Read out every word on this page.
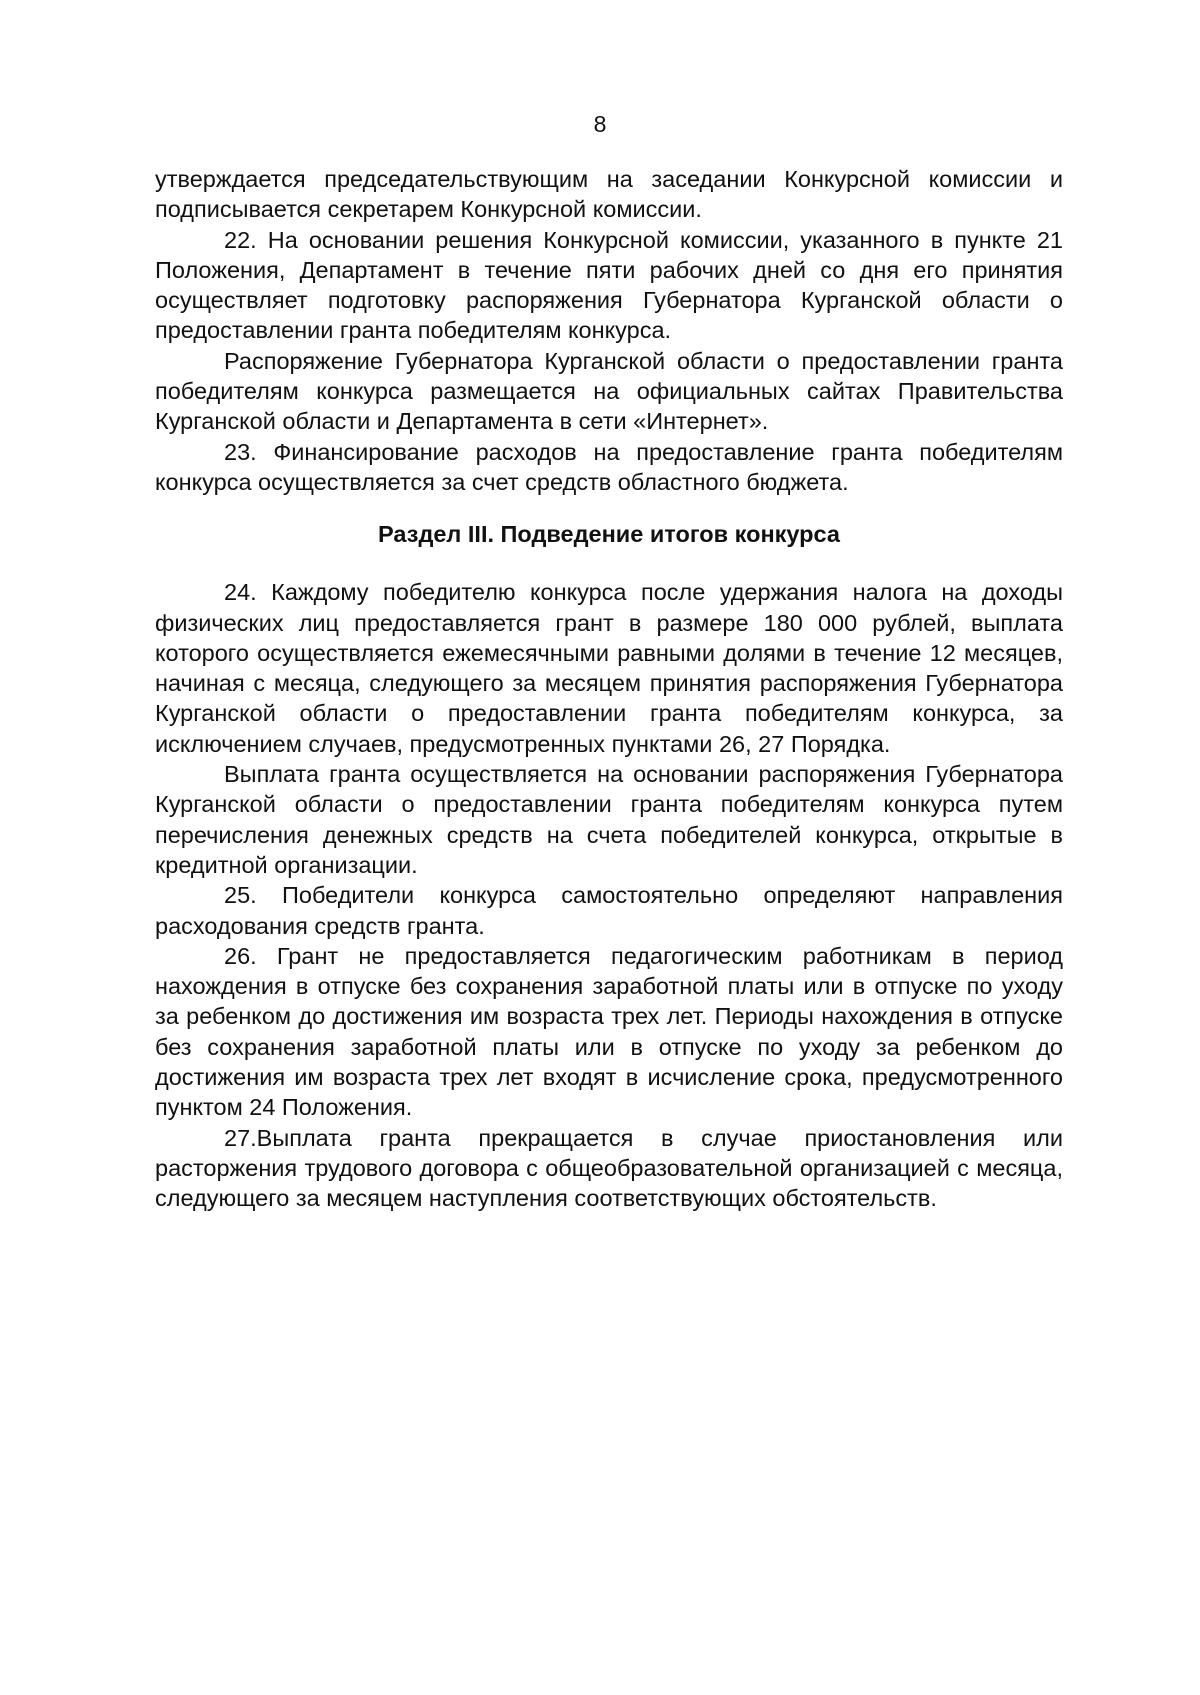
8

утверждается председательствующим на заседании Конкурсной комиссии и подписывается секретарем Конкурсной комиссии.

22. На основании решения Конкурсной комиссии, указанного в пункте 21 Положения, Департамент в течение пяти рабочих дней со дня его принятия осуществляет подготовку распоряжения Губернатора Курганской области о предоставлении гранта победителям конкурса.

Распоряжение Губернатора Курганской области о предоставлении гранта победителям конкурса размещается на официальных сайтах Правительства Курганской области и Департамента в сети «Интернет».

23. Финансирование расходов на предоставление гранта победителям конкурса осуществляется за счет средств областного бюджета.

Раздел III. Подведение итогов конкурса

24. Каждому победителю конкурса после удержания налога на доходы физических лиц предоставляется грант в размере 180 000 рублей, выплата которого осуществляется ежемесячными равными долями в течение 12 месяцев, начиная с месяца, следующего за месяцем принятия распоряжения Губернатора Курганской области о предоставлении гранта победителям конкурса, за исключением случаев, предусмотренных пунктами 26, 27 Порядка.

Выплата гранта осуществляется на основании распоряжения Губернатора Курганской области о предоставлении гранта победителям конкурса путем перечисления денежных средств на счета победителей конкурса, открытые в кредитной организации.

25. Победители конкурса самостоятельно определяют направления расходования средств гранта.

26. Грант не предоставляется педагогическим работникам в период нахождения в отпуске без сохранения заработной платы или в отпуске по уходу за ребенком до достижения им возраста трех лет. Периоды нахождения в отпуске без сохранения заработной платы или в отпуске по уходу за ребенком до достижения им возраста трех лет входят в исчисление срока, предусмотренного пунктом 24 Положения.

27.Выплата гранта прекращается в случае приостановления или расторжения трудового договора с общеобразовательной организацией с месяца, следующего за месяцем наступления соответствующих обстоятельств.
